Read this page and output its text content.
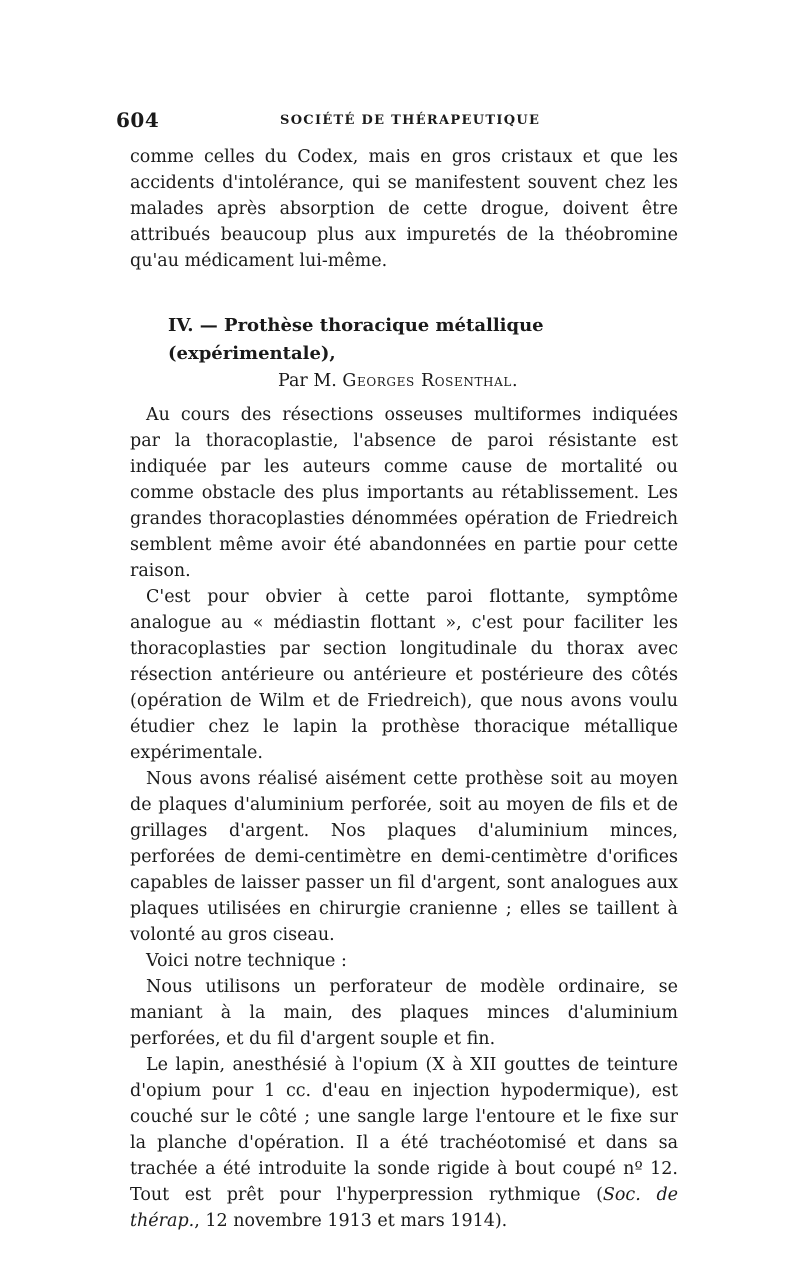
604	SOCIÉTÉ DE THÉRAPEUTIQUE

comme celles du Codex, mais en gros cristaux et que les accidents d'intolérance, qui se manifestent souvent chez les malades après absorption de cette drogue, doivent être attribués beaucoup plus aux impuretés de la théobromine qu'au médicament lui-même.

IV. — Prothèse thoracique métallique (expérimentale),
Par M. Georges Rosenthal.

Au cours des résections osseuses multiformes indiquées par la thoracoplastie, l'absence de paroi résistante est indiquée par les auteurs comme cause de mortalité ou comme obstacle des plus importants au rétablissement. Les grandes thoracoplasties dénommées opération de Friedreich semblent même avoir été abandonnées en partie pour cette raison.

C'est pour obvier à cette paroi flottante, symptôme analogue au « médiastin flottant », c'est pour faciliter les thoracoplasties par section longitudinale du thorax avec résection antérieure ou antérieure et postérieure des côtés (opération de Wilm et de Friedreich), que nous avons voulu étudier chez le lapin la prothèse thoracique métallique expérimentale.

Nous avons réalisé aisément cette prothèse soit au moyen de plaques d'aluminium perforée, soit au moyen de fils et de grillages d'argent. Nos plaques d'aluminium minces, perforées de demi-centimètre en demi-centimètre d'orifices capables de laisser passer un fil d'argent, sont analogues aux plaques utilisées en chirurgie cranienne ; elles se taillent à volonté au gros ciseau.

Voici notre technique :

Nous utilisons un perforateur de modèle ordinaire, se maniant à la main, des plaques minces d'aluminium perforées, et du fil d'argent souple et fin.

Le lapin, anesthésié à l'opium (X à XII gouttes de teinture d'opium pour 1 cc. d'eau en injection hypodermique), est couché sur le côté ; une sangle large l'entoure et le fixe sur la planche d'opération. Il a été trachéotomisé et dans sa trachée a été introduite la sonde rigide à bout coupé nº 12. Tout est prêt pour l'hyperpression rythmique (Soc. de thérap., 12 novembre 1913 et mars 1914).
